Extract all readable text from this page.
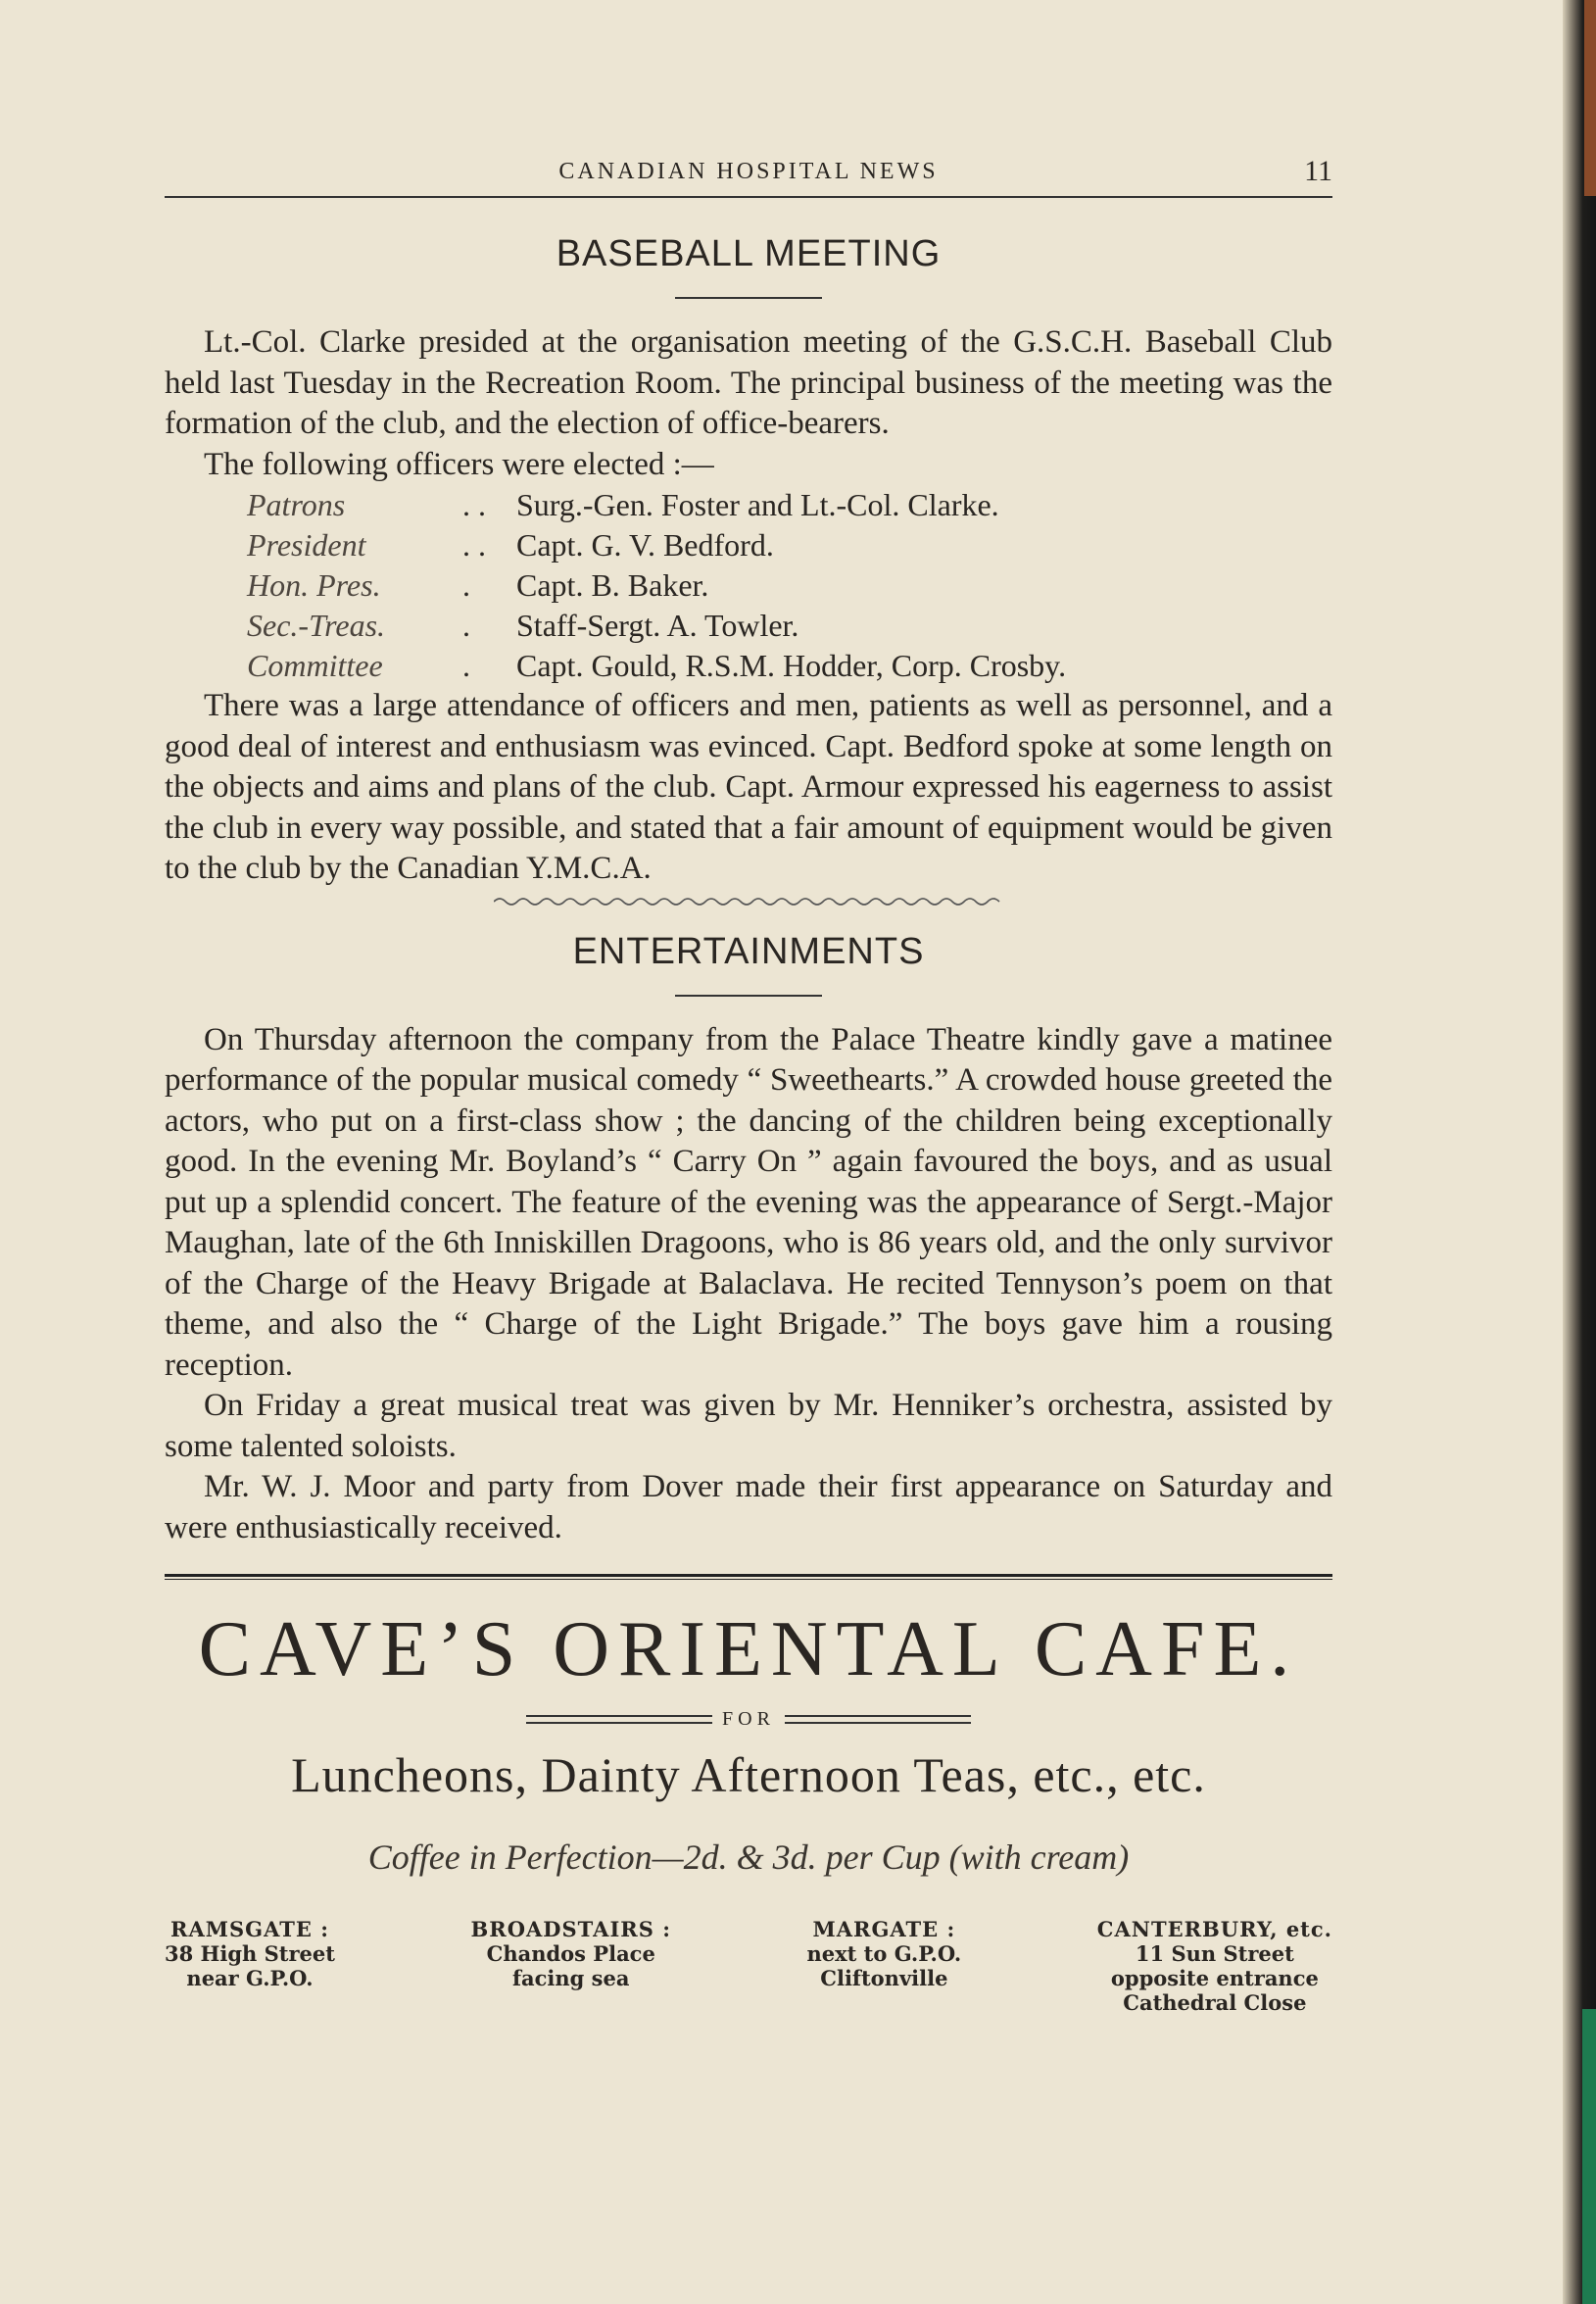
CANADIAN HOSPITAL NEWS	11
BASEBALL MEETING

Lt.-Col. Clarke presided at the organisation meeting of the G.S.C.H. Baseball Club held last Tuesday in the Recreation Room. The principal business of the meeting was the formation of the club, and the election of office-bearers.

The following officers were elected :—

Patrons	. . Surg.-Gen. Foster and Lt.-Col. Clarke.
President	. . Capt. G. V. Bedford.
Hon. Pres.	.	Capt. B. Baker.
Sec.-Treas.	.	Staff-Sergt. A. Towler.
Committee	.	Capt. Gould, R.S.M. Hodder, Corp. Crosby.

There was a large attendance of officers and men, patients as well as personnel, and a good deal of interest and enthusiasm was evinced. Capt. Bedford spoke at some length on the objects and aims and plans of the club. Capt. Armour expressed his eagerness to assist the club in every way possible, and stated that a fair amount of equipment would be given to the club by the Canadian Y.M.C.A.

ENTERTAINMENTS

On Thursday afternoon the company from the Palace Theatre kindly gave a matinee performance of the popular musical comedy “ Sweethearts.” A crowded house greeted the actors, who put on a first-class show ; the dancing of the children being exceptionally good. In the evening Mr. Boyland’s “ Carry On ” again favoured the boys, and as usual put up a splendid concert. The feature of the evening was the appearance of Sergt.-Major Maughan, late of the 6th Inniskillen Dragoons, who is 86 years old, and the only survivor of the Charge of the Heavy Brigade at Balaclava. He recited Tennyson’s poem on that theme, and also the “ Charge of the Light Brigade.” The boys gave him a rousing reception.

On Friday a great musical treat was given by Mr. Henniker’s orchestra, assisted by some talented soloists.

Mr. W. J. Moor and party from Dover made their first appearance on Saturday and were enthusiastically received.

CAVE’S ORIENTAL CAFE.
FOR
Luncheons, Dainty Afternoon Teas, etc., etc.
Coffee in Perfection—2d. & 3d. per Cup (with cream)
RAMSGATE :
38 High Street
near G.P.O.
BROADSTAIRS :
Chandos Place
facing sea
MARGATE :
next to G.P.O.
Cliftonville
CANTERBURY, etc.
11 Sun Street
opposite entrance
Cathedral Close
